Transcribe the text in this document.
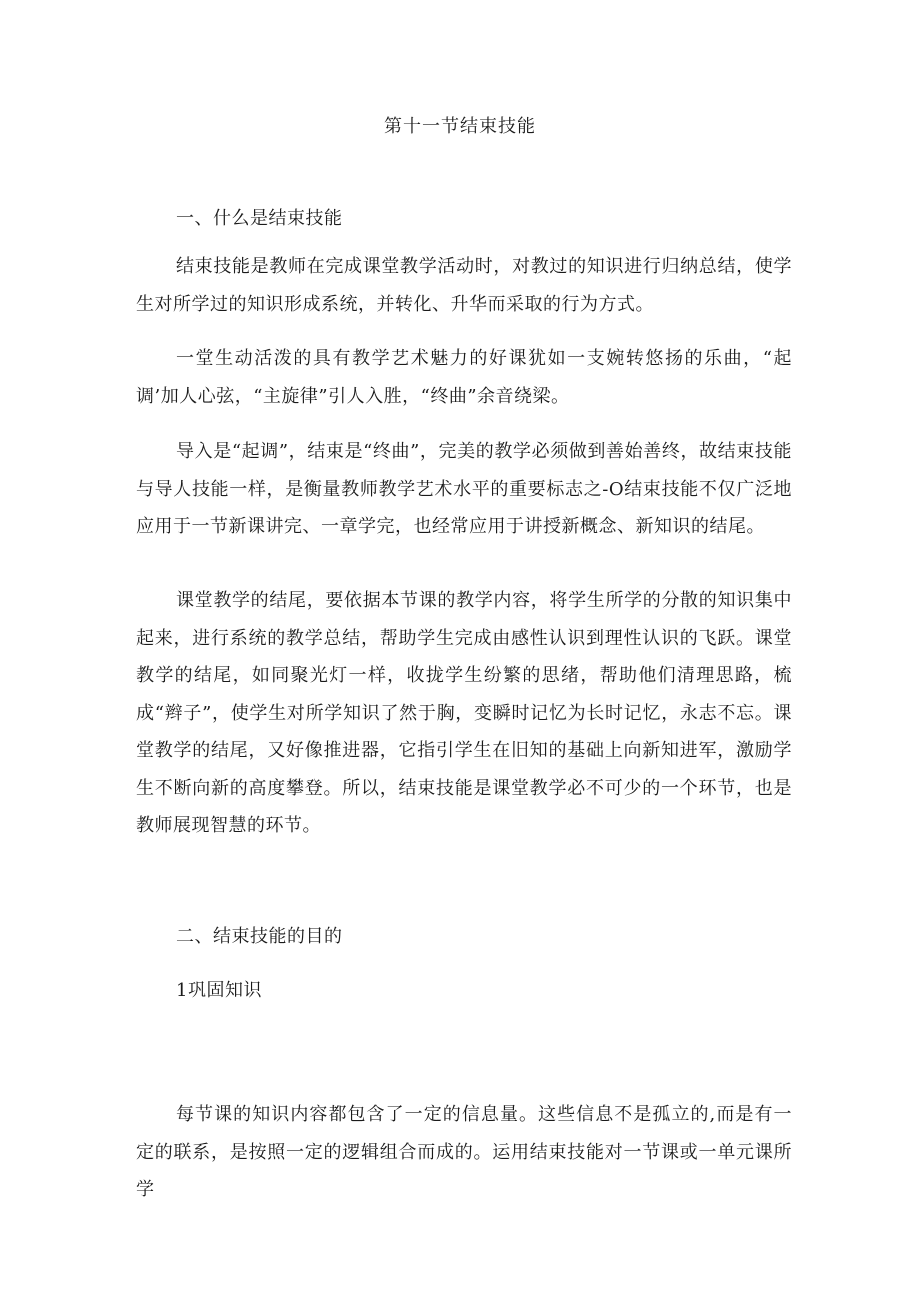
第十一节结束技能
一、什么是结束技能
结束技能是教师在完成课堂教学活动时，对教过的知识进行归纳总结，使学生对所学过的知识形成系统，并转化、升华而采取的行为方式。
一堂生动活泼的具有教学艺术魅力的好课犹如一支婉转悠扬的乐曲，“起调’加人心弦，“主旋律”引人入胜，“终曲”余音绕梁。
导入是“起调”，结束是“终曲”，完美的教学必须做到善始善终，故结束技能与导人技能一样，是衡量教师教学艺术水平的重要标志之-O结束技能不仅广泛地应用于一节新课讲完、一章学完，也经常应用于讲授新概念、新知识的结尾。
课堂教学的结尾，要依据本节课的教学内容，将学生所学的分散的知识集中起来，进行系统的教学总结，帮助学生完成由感性认识到理性认识的飞跃。课堂教学的结尾，如同聚光灯一样，收拢学生纷繁的思绪，帮助他们清理思路，梳成“辫子”，使学生对所学知识了然于胸，变瞬时记忆为长时记忆，永志不忘。课堂教学的结尾，又好像推进器，它指引学生在旧知的基础上向新知进军，激励学生不断向新的高度攀登。所以，结束技能是课堂教学必不可少的一个环节，也是教师展现智慧的环节。
二、结束技能的目的
1巩固知识
每节课的知识内容都包含了一定的信息量。这些信息不是孤立的,而是有一定的联系，是按照一定的逻辑组合而成的。运用结束技能对一节课或一单元课所学
